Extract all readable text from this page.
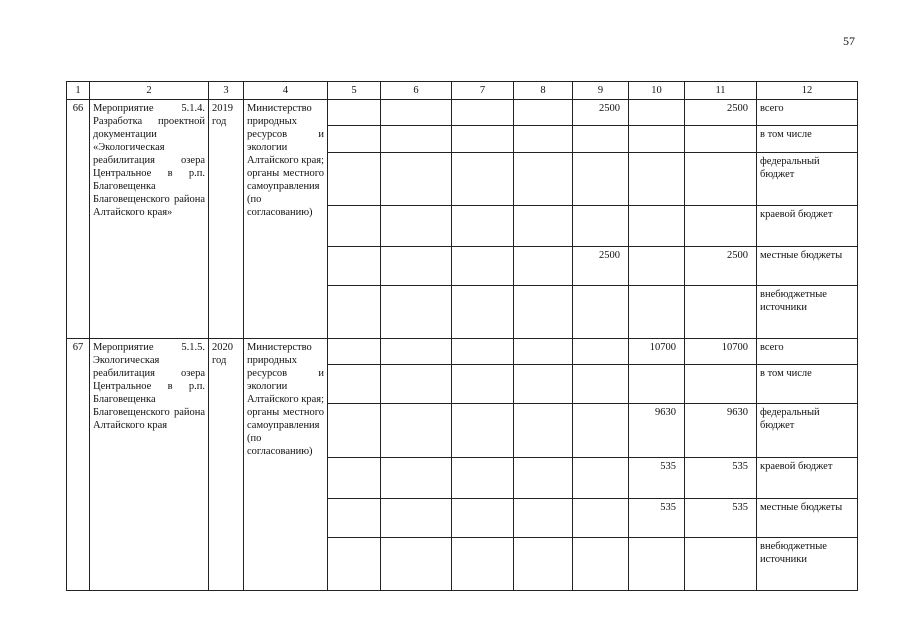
57
1	2	3	4	5	6	7	8	9	10	11	12
66	Мероприятие 5.1.4. Разработка проектной документации «Экологическая реабилитация озера Центральное в р.п. Благовещенка Благовещенского района Алтайского края»	2019 год	Министерство природных ресурсов и экологии Алтайского края; органы местного самоуправления (по согласованию)					2500		2500	всего
											в том числе
											федеральный бюджет
											краевой бюджет
								2500		2500	местные бюджеты
											внебюджетные источники
67	Мероприятие 5.1.5. Экологическая реабилитация озера Центральное в р.п. Благовещенка Благовещенского района Алтайского края	2020 год	Министерство природных ресурсов и экологии Алтайского края; органы местного самоуправления (по согласованию)						10700	10700	всего
											в том числе
									9630	9630	федеральный бюджет
									535	535	краевой бюджет
									535	535	местные бюджеты
											внебюджетные источники
